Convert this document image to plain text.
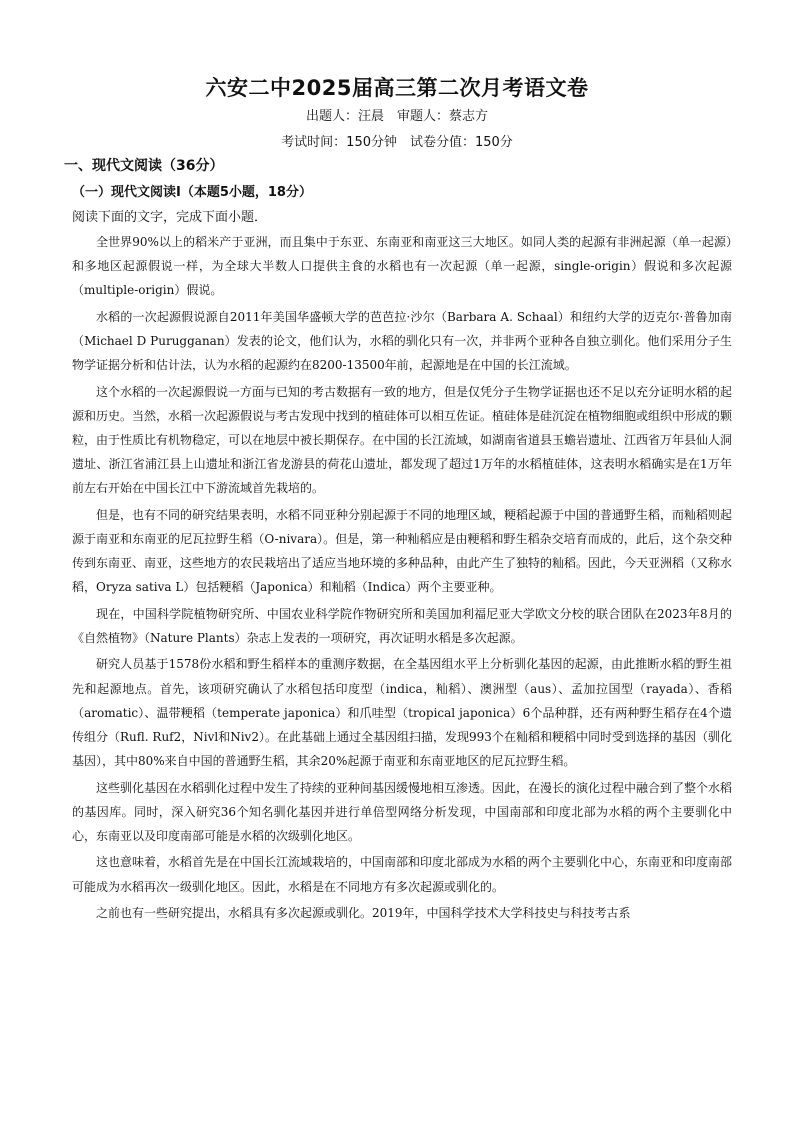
六安二中2025届高三第二次月考语文卷
出题人：汪晨　审题人：蔡志方
考试时间：150分钟　试卷分值：150分
一、现代文阅读（36分）
（一）现代文阅读Ⅰ（本题5小题，18分）
阅读下面的文字，完成下面小题．

全世界90%以上的稻米产于亚洲，而且集中于东亚、东南亚和南亚这三大地区。如同人类的起源有非洲起源（单一起源）和多地区起源假说一样，为全球大半数人口提供主食的水稻也有一次起源（单一起源，single-origin）假说和多次起源（multiple-origin）假说。

水稻的一次起源假说源自2011年美国华盛顿大学的芭芭拉·沙尔（Barbara A. Schaal）和纽约大学的迈克尔·普鲁加南（Michael D Purugganan）发表的论文，他们认为，水稻的驯化只有一次，并非两个亚种各自独立驯化。他们采用分子生物学证据分析和估计法，认为水稻的起源约在8200-13500年前，起源地是在中国的长江流域。

这个水稻的一次起源假说一方面与已知的考古数据有一致的地方，但是仅凭分子生物学证据也还不足以充分证明水稻的起源和历史。当然，水稻一次起源假说与考古发现中找到的植硅体可以相互佐证。植硅体是硅沉淀在植物细胞或组织中形成的颗粒，由于性质比有机物稳定，可以在地层中被长期保存。在中国的长江流域，如湖南省道县玉蟾岩遗址、江西省万年县仙人洞遗址、浙江省浦江县上山遗址和浙江省龙游县的荷花山遗址，都发现了超过1万年的水稻植硅体，这表明水稻确实是在1万年前左右开始在中国长江中下游流域首先栽培的。

但是，也有不同的研究结果表明，水稻不同亚种分别起源于不同的地理区域，粳稻起源于中国的普通野生稻，而籼稻则起源于南亚和东南亚的尼瓦拉野生稻（O-nivara）。但是，第一种籼稻应是由粳稻和野生稻杂交培育而成的，此后，这个杂交种传到东南亚、南亚，这些地方的农民栽培出了适应当地环境的多种品种，由此产生了独特的籼稻。因此，今天亚洲稻（又称水稻，Oryza sativa L）包括粳稻（Japonica）和籼稻（Indica）两个主要亚种。

现在，中国科学院植物研究所、中国农业科学院作物研究所和美国加利福尼亚大学欧文分校的联合团队在2023年8月的《自然植物》（Nature Plants）杂志上发表的一项研究，再次证明水稻是多次起源。

研究人员基于1578份水稻和野生稻样本的重测序数据，在全基因组水平上分析驯化基因的起源，由此推断水稻的野生祖先和起源地点。首先，该项研究确认了水稻包括印度型（indica，籼稻）、澳洲型（aus）、孟加拉国型（rayada）、香稻（aromatic）、温带粳稻（temperate japonica）和爪哇型（tropical japonica）6个品种群，还有两种野生稻存在4个遗传组分（Rufl. Ruf2，Nivl和Niv2）。在此基础上通过全基因组扫描，发现993个在籼稻和粳稻中同时受到选择的基因（驯化基因），其中80%来自中国的普通野生稻，其余20%起源于南亚和东南亚地区的尼瓦拉野生稻。

这些驯化基因在水稻驯化过程中发生了持续的亚种间基因缓慢地相互渗透。因此，在漫长的演化过程中融合到了整个水稻的基因库。同时，深入研究36个知名驯化基因并进行单倍型网络分析发现，中国南部和印度北部为水稻的两个主要驯化中心，东南亚以及印度南部可能是水稻的次级驯化地区。

这也意味着，水稻首先是在中国长江流域栽培的，中国南部和印度北部成为水稻的两个主要驯化中心，东南亚和印度南部可能成为水稻再次一级驯化地区。因此，水稻是在不同地方有多次起源或驯化的。

之前也有一些研究提出，水稻具有多次起源或驯化。2019年，中国科学技术大学科技史与科技考古系
